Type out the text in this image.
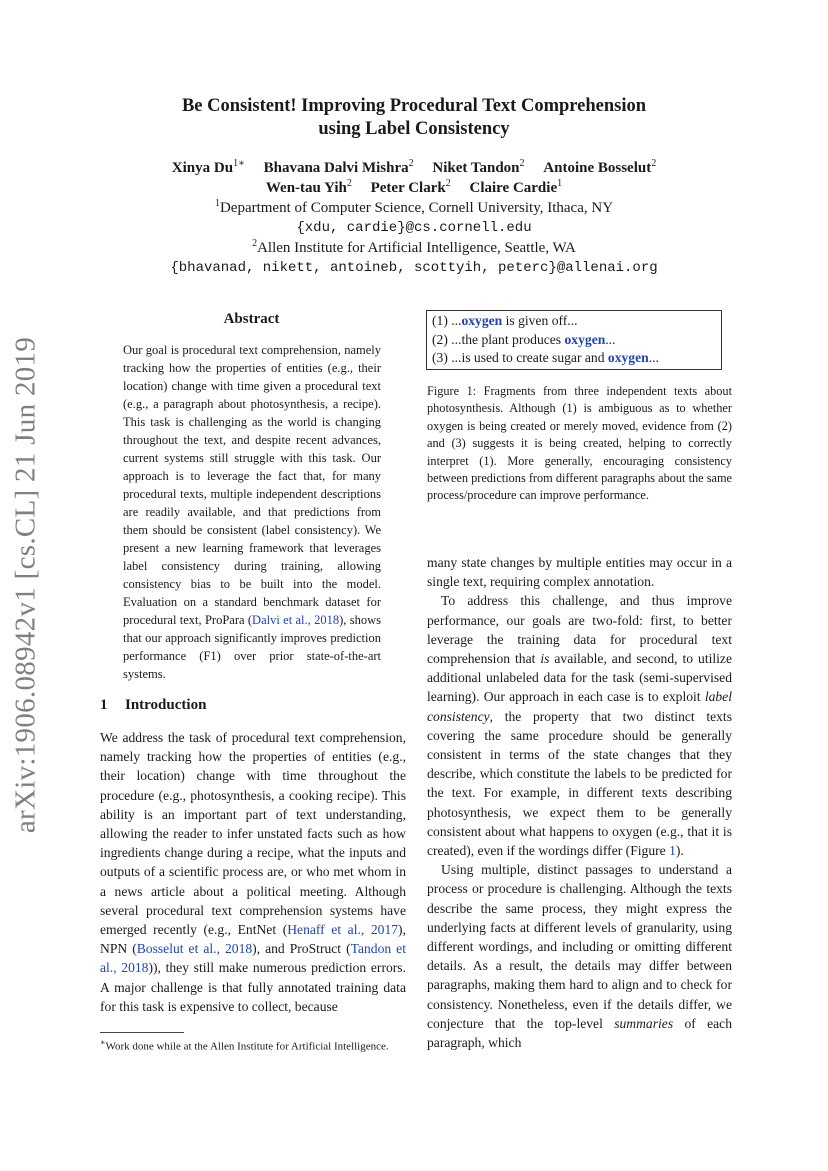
arXiv:1906.08942v1 [cs.CL] 21 Jun 2019
Be Consistent! Improving Procedural Text Comprehension
using Label Consistency
Xinya $Du^{1∗}$ Bhavana Dalvi Mishra$^2$ Niket Tandon$^2$ Antoine Bosselut$^2$
Wen-tau Yih$^2$ Peter Clark$^2$ Claire Cardie$^1$
$^1$Department of Computer Science, Cornell University, Ithaca, NY
{xdu, cardie}@cs.cornell.edu
$^2$Allen Institute for Artificial Intelligence, Seattle, WA
{bhavanad, nikett, antoineb, scottyih, peterc}@allenai.org
Abstract
Our goal is procedural text comprehension, namely tracking how the properties of entities (e.g., their location) change with time given a procedural text (e.g., a paragraph about photosynthesis, a recipe). This task is challenging as the world is changing throughout the text, and despite recent advances, current systems still struggle with this task. Our approach is to leverage the fact that, for many procedural texts, multiple independent descriptions are readily available, and that predictions from them should be consistent (label consistency). We present a new learning framework that leverages label consistency during training, allowing consistency bias to be built into the model. Evaluation on a standard benchmark dataset for procedural text, ProPara (Dalvi et al., 2018), shows that our approach significantly improves prediction performance (F1) over prior state-of-the-art systems.
1 Introduction

We address the task of procedural text comprehension, namely tracking how the properties of entities (e.g., their location) change with time throughout the procedure (e.g., photosynthesis, a cooking recipe). This ability is an important part of text understanding, allowing the reader to infer unstated facts such as how ingredients change during a recipe, what the inputs and outputs of a scientific process are, or who met whom in a news article about a political meeting. Although several procedural text comprehension systems have emerged recently (e.g., EntNet (Henaff et al., 2017), NPN (Bosselut et al., 2018), and ProStruct (Tandon et al., 2018)), they still make numerous prediction errors. A major challenge is that fully annotated training data for this task is expensive to collect, because

∗Work done while at the Allen Institute for Artificial Intelligence.
(1) ...oxygen is given off...
(2) ...the plant produces oxygen...
(3) ...is used to create sugar and oxygen...
Figure 1: Fragments from three independent texts about photosynthesis. Although (1) is ambiguous as to whether oxygen is being created or merely moved, evidence from (2) and (3) suggests it is being created, helping to correctly interpret (1). More generally, encouraging consistency between predictions from different paragraphs about the same process/procedure can improve performance.

many state changes by multiple entities may occur in a single text, requiring complex annotation.

To address this challenge, and thus improve performance, our goals are two-fold: first, to better leverage the training data for procedural text comprehension that is available, and second, to utilize additional unlabeled data for the task (semi-supervised learning). Our approach in each case is to exploit label consistency, the property that two distinct texts covering the same procedure should be generally consistent in terms of the state changes that they describe, which constitute the labels to be predicted for the text. For example, in different texts describing photosynthesis, we expect them to be generally consistent about what happens to oxygen (e.g., that it is created), even if the wordings differ (Figure 1).

Using multiple, distinct passages to understand a process or procedure is challenging. Although the texts describe the same process, they might express the underlying facts at different levels of granularity, using different wordings, and including or omitting different details. As a result, the details may differ between paragraphs, making them hard to align and to check for consistency. Nonetheless, even if the details differ, we conjecture that the top-level summaries of each paragraph, which
